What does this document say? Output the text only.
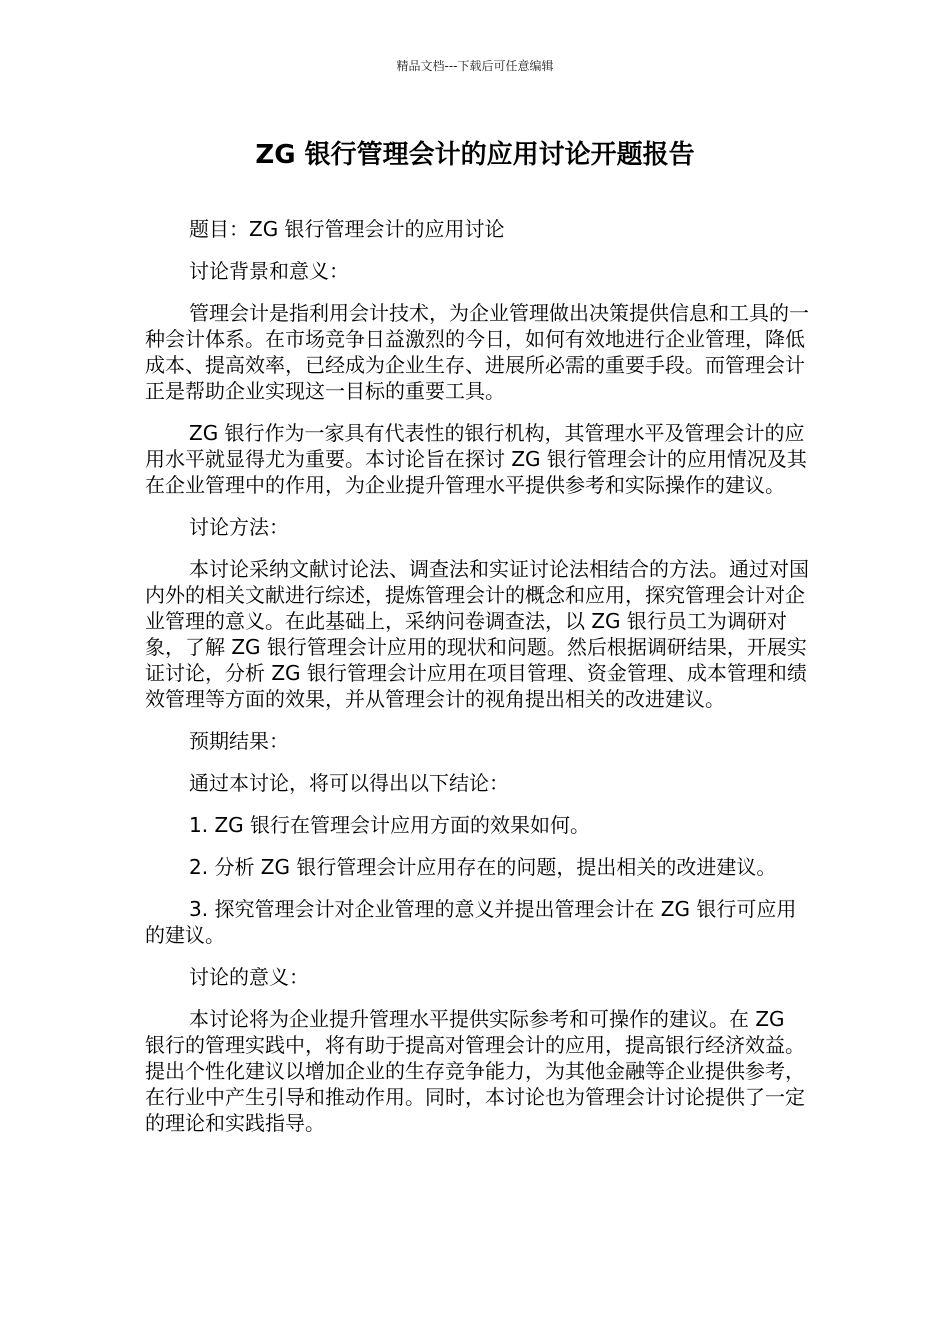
精品文档---下载后可任意编辑
ZG 银行管理会计的应用讨论开题报告

题目：ZG 银行管理会计的应用讨论

讨论背景和意义：

管理会计是指利用会计技术，为企业管理做出决策提供信息和工具的一种会计体系。在市场竞争日益激烈的今日，如何有效地进行企业管理，降低成本、提高效率，已经成为企业生存、进展所必需的重要手段。而管理会计正是帮助企业实现这一目标的重要工具。

ZG 银行作为一家具有代表性的银行机构，其管理水平及管理会计的应用水平就显得尤为重要。本讨论旨在探讨 ZG 银行管理会计的应用情况及其在企业管理中的作用，为企业提升管理水平提供参考和实际操作的建议。

讨论方法：

本讨论采纳文献讨论法、调查法和实证讨论法相结合的方法。通过对国内外的相关文献进行综述，提炼管理会计的概念和应用，探究管理会计对企业管理的意义。在此基础上，采纳问卷调查法，以 ZG 银行员工为调研对象，了解 ZG 银行管理会计应用的现状和问题。然后根据调研结果，开展实证讨论，分析 ZG 银行管理会计应用在项目管理、资金管理、成本管理和绩效管理等方面的效果，并从管理会计的视角提出相关的改进建议。

预期结果：

通过本讨论，将可以得出以下结论：

1. ZG 银行在管理会计应用方面的效果如何。

2. 分析 ZG 银行管理会计应用存在的问题，提出相关的改进建议。

3. 探究管理会计对企业管理的意义并提出管理会计在 ZG 银行可应用的建议。

讨论的意义：

本讨论将为企业提升管理水平提供实际参考和可操作的建议。在 ZG 银行的管理实践中，将有助于提高对管理会计的应用，提高银行经济效益。提出个性化建议以增加企业的生存竞争能力，为其他金融等企业提供参考，在行业中产生引导和推动作用。同时，本讨论也为管理会计讨论提供了一定的理论和实践指导。
